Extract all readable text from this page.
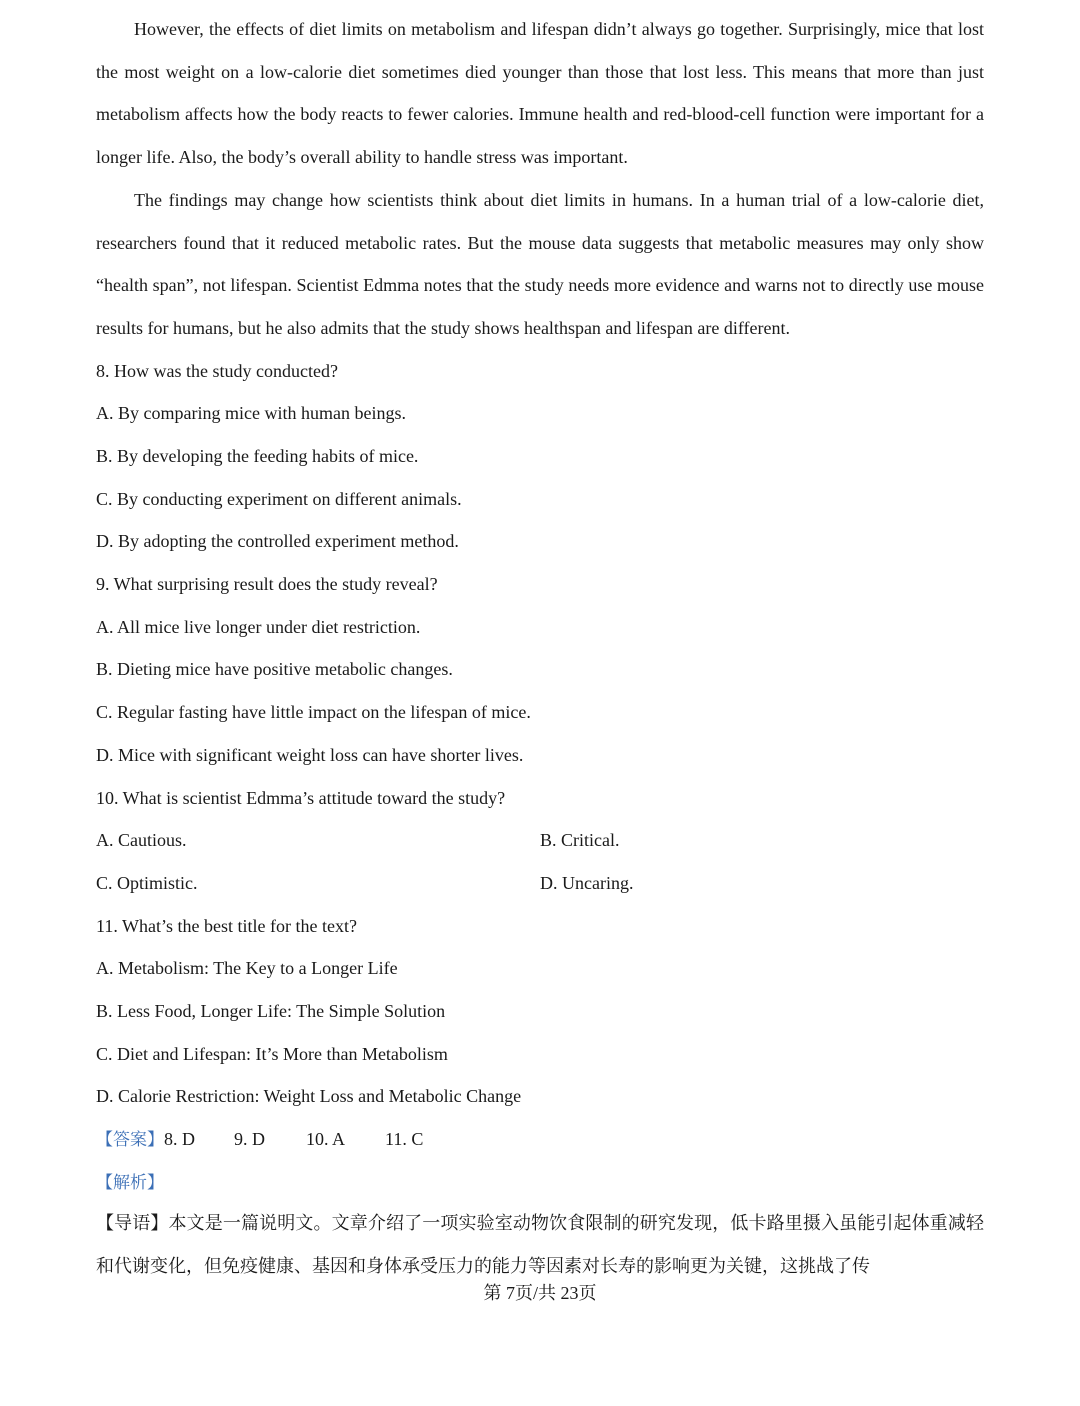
However, the effects of diet limits on metabolism and lifespan didn’t always go together. Surprisingly, mice that lost the most weight on a low-calorie diet sometimes died younger than those that lost less. This means that more than just metabolism affects how the body reacts to fewer calories. Immune health and red-blood-cell function were important for a longer life. Also, the body’s overall ability to handle stress was important.

The findings may change how scientists think about diet limits in humans. In a human trial of a low-calorie diet, researchers found that it reduced metabolic rates. But the mouse data suggests that metabolic measures may only show “health span”, not lifespan. Scientist Edmma notes that the study needs more evidence and warns not to directly use mouse results for humans, but he also admits that the study shows healthspan and lifespan are different.

8. How was the study conducted?
A. By comparing mice with human beings.
B. By developing the feeding habits of mice.
C. By conducting experiment on different animals.
D. By adopting the controlled experiment method.
9. What surprising result does the study reveal?
A. All mice live longer under diet restriction.
B. Dieting mice have positive metabolic changes.
C. Regular fasting have little impact on the lifespan of mice.
D. Mice with significant weight loss can have shorter lives.
10. What is scientist Edmma’s attitude toward the study?
A. Cautious.	B. Critical.
C. Optimistic.	D. Uncaring.
11. What’s the best title for the text?
A. Metabolism: The Key to a Longer Life
B. Less Food, Longer Life: The Simple Solution
C. Diet and Lifespan: It’s More than Metabolism
D. Calorie Restriction: Weight Loss and Metabolic Change
【答案】8. D 9. D 10. A 11. C
【解析】

【导语】本文是一篇说明文。文章介绍了一项实验室动物饮食限制的研究发现，低卡路里摄入虽能引起体重减轻和代谢变化，但免疫健康、基因和身体承受压力的能力等因素对长寿的影响更为关键，这挑战了传

第 7页/共 23页
